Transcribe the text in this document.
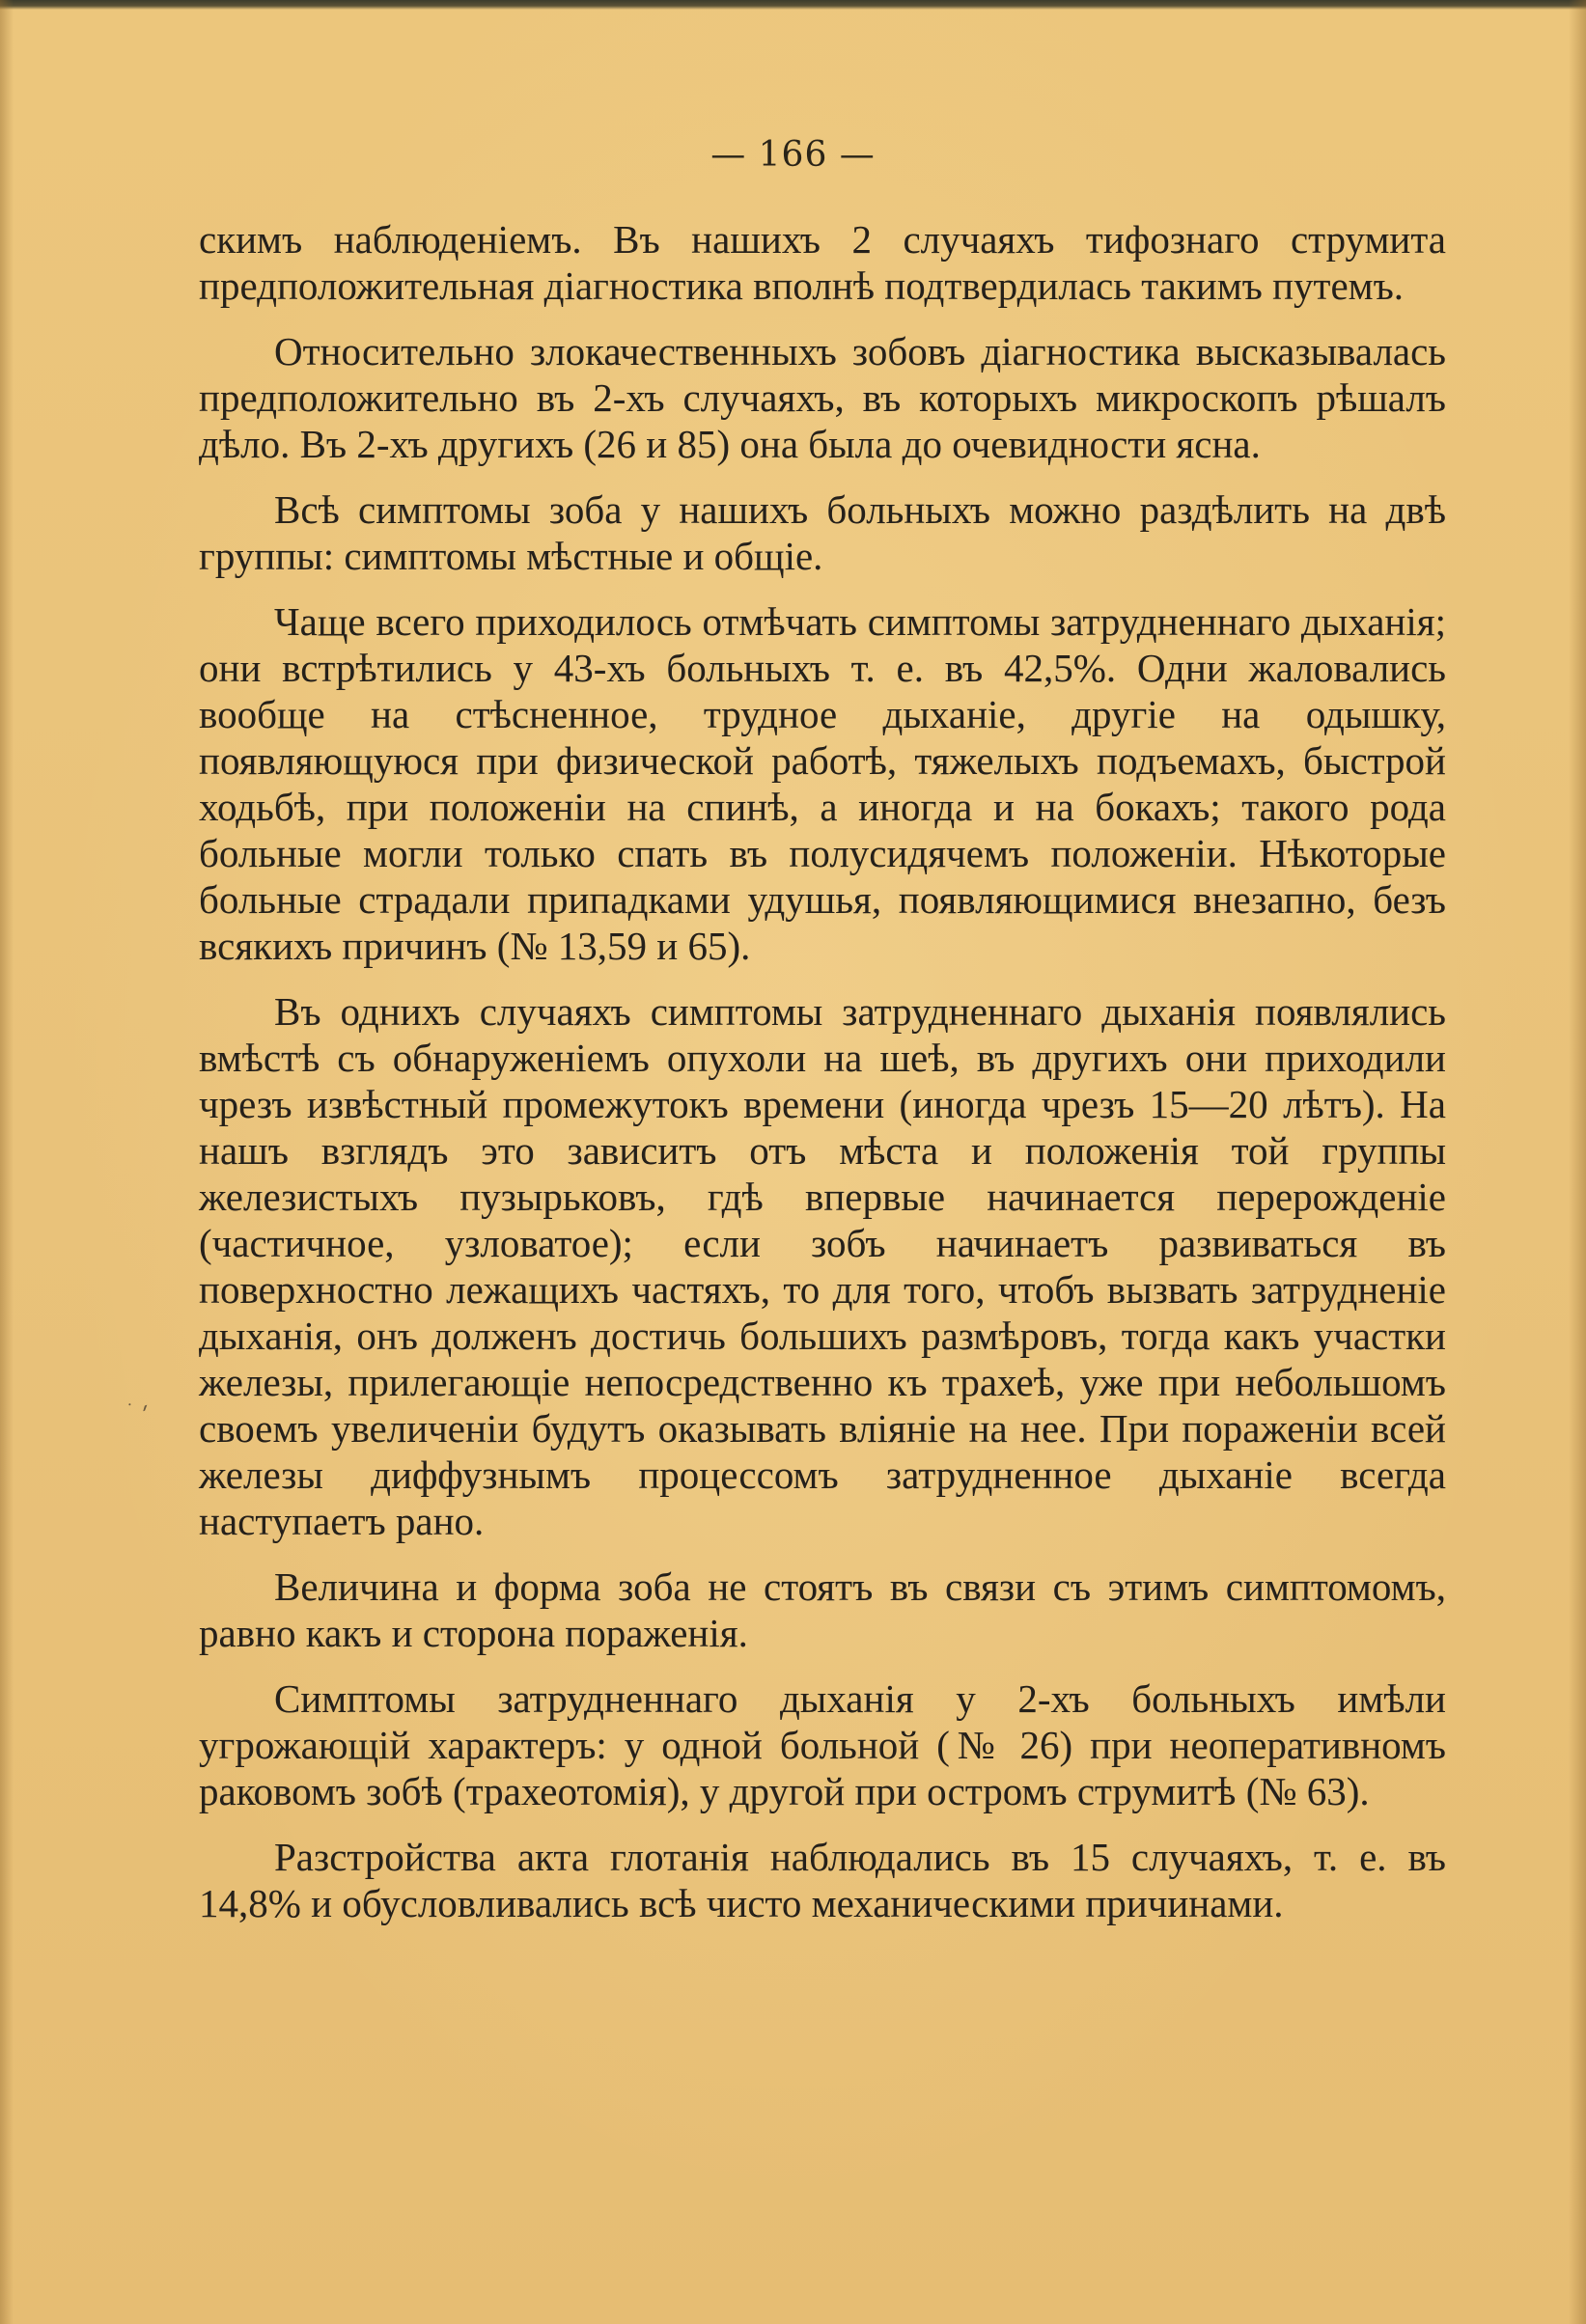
— 166 —
ׄ ׳

скимъ наблюденіемъ. Въ нашихъ 2 случаяхъ тифознаго струмита предположительная діагностика вполнѣ подтвердилась такимъ путемъ.

Относительно злокачественныхъ зобовъ діагностика высказывалась предположительно въ 2-хъ случаяхъ, въ которыхъ микроскопъ рѣшалъ дѣло. Въ 2-хъ другихъ (26 и 85) она была до очевидности ясна.

Всѣ симптомы зоба у нашихъ больныхъ можно раздѣлить на двѣ группы: симптомы мѣстные и общіе.

Чаще всего приходилось отмѣчать симптомы затрудненнаго дыханія; они встрѣтились у 43-хъ больныхъ т. е. въ 42,5%. Одни жаловались вообще на стѣсненное, трудное дыханіе, другіе на одышку, появляющуюся при физической работѣ, тяжелыхъ подъемахъ, быстрой ходьбѣ, при положеніи на спинѣ, а иногда и на бокахъ; такого рода больные могли только спать въ полусидячемъ положеніи. Нѣкоторые больные страдали припадками удушья, появляющимися внезапно, безъ всякихъ причинъ (№ 13,59 и 65).

Въ однихъ случаяхъ симптомы затрудненнаго дыханія появлялись вмѣстѣ съ обнаруженіемъ опухоли на шеѣ, въ другихъ они приходили чрезъ извѣстный промежутокъ времени (иногда чрезъ 15—20 лѣтъ). На нашъ взглядъ это зависитъ отъ мѣста и положенія той группы железистыхъ пузырьковъ, гдѣ впервые начинается перерожденіе (частичное, узловатое); если зобъ начинаетъ развиваться въ поверхностно лежащихъ частяхъ, то для того, чтобъ вызвать затрудненіе дыханія, онъ долженъ достичь большихъ размѣровъ, тогда какъ участки железы, прилегающіе непосредственно къ трахеѣ, уже при небольшомъ своемъ увеличеніи будутъ оказывать вліяніе на нее. При пораженіи всей железы диффузнымъ процессомъ затрудненное дыханіе всегда наступаетъ рано.

Величина и форма зоба не стоятъ въ связи съ этимъ симптомомъ, равно какъ и сторона пораженія.

Симптомы затрудненнаго дыханія у 2-хъ больныхъ имѣли угрожающій характеръ: у одной больной (№ 26) при неоперативномъ раковомъ зобѣ (трахеотомія), у другой при остромъ струмитѣ (№ 63).

Разстройства акта глотанія наблюдались въ 15 случаяхъ, т. е. въ 14,8% и обусловливались всѣ чисто механическими причинами.
